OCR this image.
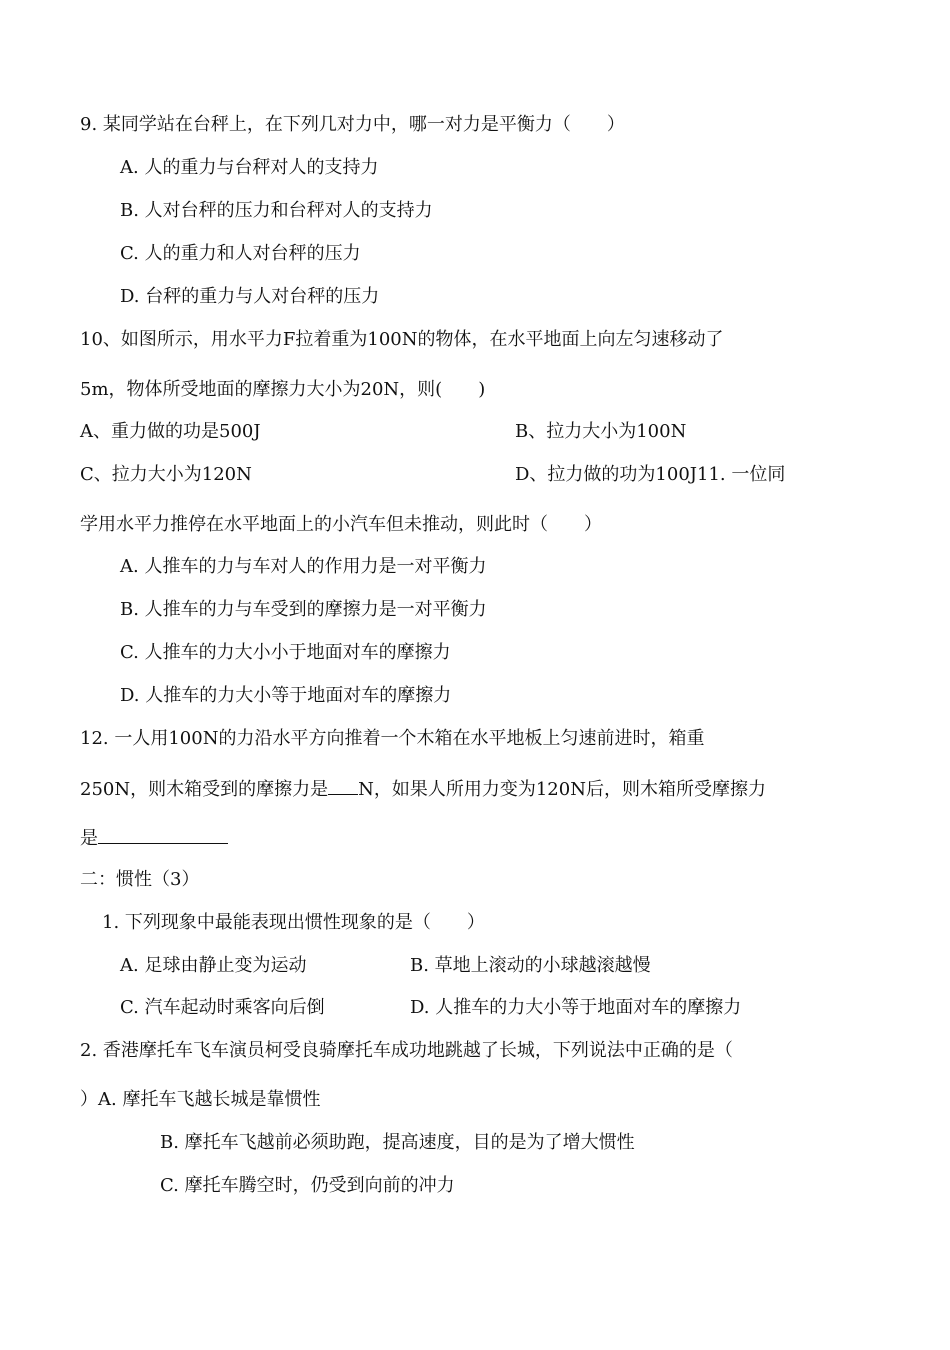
9. 某同学站在台秤上，在下列几对力中，哪一对力是平衡力（　　）
A. 人的重力与台秤对人的支持力
B. 人对台秤的压力和台秤对人的支持力
C. 人的重力和人对台秤的压力
D. 台秤的重力与人对台秤的压力
10、如图所示，用水平力F拉着重为100N的物体，在水平地面上向左匀速移动了
5m，物体所受地面的摩擦力大小为20N，则(　　)
A、重力做的功是500J	B、拉力大小为100N
C、拉力大小为120N	D、拉力做的功为100J11. 一位同
学用水平力推停在水平地面上的小汽车但未推动，则此时（　　）
A. 人推车的力与车对人的作用力是一对平衡力
B. 人推车的力与车受到的摩擦力是一对平衡力
C. 人推车的力大小小于地面对车的摩擦力
D. 人推车的力大小等于地面对车的摩擦力
12. 一人用100N的力沿水平方向推着一个木箱在水平地板上匀速前进时，箱重
250N，则木箱受到的摩擦力是 N，如果人所用力变为120N后，则木箱所受摩擦力
是
二：惯性（3）
1. 下列现象中最能表现出惯性现象的是（　　）
A. 足球由静止变为运动	B. 草地上滚动的小球越滚越慢
C. 汽车起动时乘客向后倒	D. 人推车的力大小等于地面对车的摩擦力
2. 香港摩托车飞车演员柯受良骑摩托车成功地跳越了长城，下列说法中正确的是（
）A. 摩托车飞越长城是靠惯性
B. 摩托车飞越前必须助跑，提高速度，目的是为了增大惯性
C. 摩托车腾空时，仍受到向前的冲力
